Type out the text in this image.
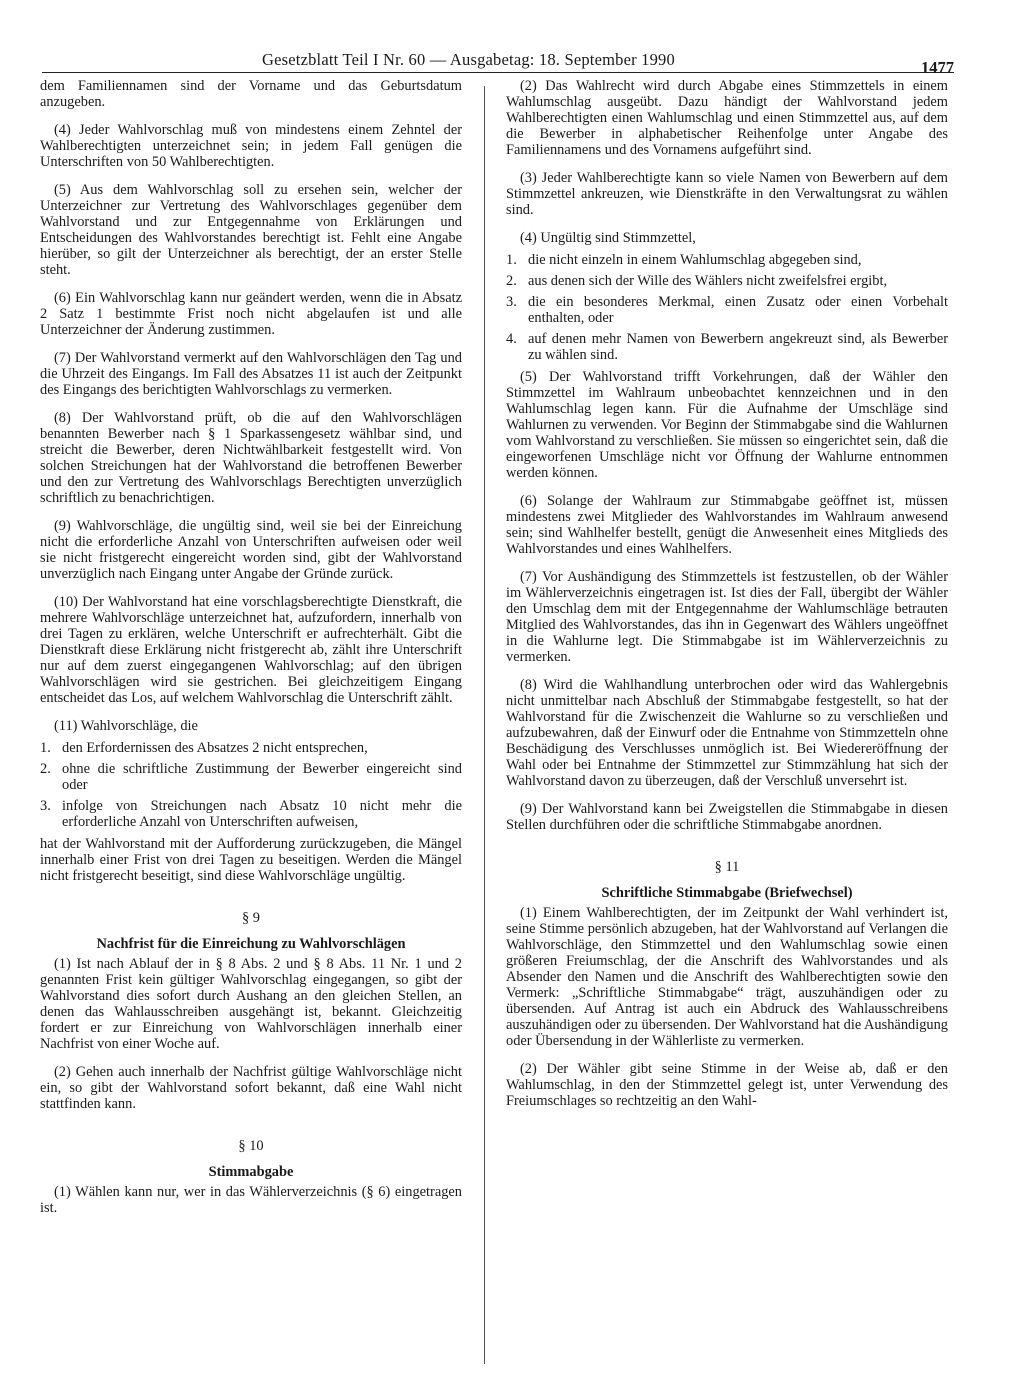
Gesetzblatt Teil I Nr. 60 — Ausgabetag: 18. September 1990	1477

dem Familiennamen sind der Vorname und das Geburtsdatum anzugeben.

(4) Jeder Wahlvorschlag muß von mindestens einem Zehntel der Wahlberechtigten unterzeichnet sein; in jedem Fall genügen die Unterschriften von 50 Wahlberechtigten.

(5) Aus dem Wahlvorschlag soll zu ersehen sein, welcher der Unterzeichner zur Vertretung des Wahlvorschlages gegenüber dem Wahlvorstand und zur Entgegennahme von Erklärungen und Entscheidungen des Wahlvorstandes berechtigt ist. Fehlt eine Angabe hierüber, so gilt der Unterzeichner als berechtigt, der an erster Stelle steht.

(6) Ein Wahlvorschlag kann nur geändert werden, wenn die in Absatz 2 Satz 1 bestimmte Frist noch nicht abgelaufen ist und alle Unterzeichner der Änderung zustimmen.

(7) Der Wahlvorstand vermerkt auf den Wahlvorschlägen den Tag und die Uhrzeit des Eingangs. Im Fall des Absatzes 11 ist auch der Zeitpunkt des Eingangs des berichtigten Wahlvorschlags zu vermerken.

(8) Der Wahlvorstand prüft, ob die auf den Wahlvorschlägen benannten Bewerber nach § 1 Sparkassengesetz wählbar sind, und streicht die Bewerber, deren Nichtwählbarkeit festgestellt wird. Von solchen Streichungen hat der Wahlvorstand die betroffenen Bewerber und den zur Vertretung des Wahlvorschlags Berechtigten unverzüglich schriftlich zu benachrichtigen.

(9) Wahlvorschläge, die ungültig sind, weil sie bei der Einreichung nicht die erforderliche Anzahl von Unterschriften aufweisen oder weil sie nicht fristgerecht eingereicht worden sind, gibt der Wahlvorstand unverzüglich nach Eingang unter Angabe der Gründe zurück.

(10) Der Wahlvorstand hat eine vorschlagsberechtigte Dienstkraft, die mehrere Wahlvorschläge unterzeichnet hat, aufzufordern, innerhalb von drei Tagen zu erklären, welche Unterschrift er aufrechterhält. Gibt die Dienstkraft diese Erklärung nicht fristgerecht ab, zählt ihre Unterschrift nur auf dem zuerst eingegangenen Wahlvorschlag; auf den übrigen Wahlvorschlägen wird sie gestrichen. Bei gleichzeitigem Eingang entscheidet das Los, auf welchem Wahlvorschlag die Unterschrift zählt.

(11) Wahlvorschläge, die

1. den Erfordernissen des Absatzes 2 nicht entsprechen,
2. ohne die schriftliche Zustimmung der Bewerber eingereicht sind oder
3. infolge von Streichungen nach Absatz 10 nicht mehr die erforderliche Anzahl von Unterschriften aufweisen,

hat der Wahlvorstand mit der Aufforderung zurückzugeben, die Mängel innerhalb einer Frist von drei Tagen zu beseitigen. Werden die Mängel nicht fristgerecht beseitigt, sind diese Wahlvorschläge ungültig.

§ 9
Nachfrist für die Einreichung zu Wahlvorschlägen

(1) Ist nach Ablauf der in § 8 Abs. 2 und § 8 Abs. 11 Nr. 1 und 2 genannten Frist kein gültiger Wahlvorschlag eingegangen, so gibt der Wahlvorstand dies sofort durch Aushang an den gleichen Stellen, an denen das Wahlausschreiben ausgehängt ist, bekannt. Gleichzeitig fordert er zur Einreichung von Wahlvorschlägen innerhalb einer Nachfrist von einer Woche auf.

(2) Gehen auch innerhalb der Nachfrist gültige Wahlvorschläge nicht ein, so gibt der Wahlvorstand sofort bekannt, daß eine Wahl nicht stattfinden kann.

§ 10
Stimmabgabe

(1) Wählen kann nur, wer in das Wählerverzeichnis (§ 6) eingetragen ist.

(2) Das Wahlrecht wird durch Abgabe eines Stimmzettels in einem Wahlumschlag ausgeübt. Dazu händigt der Wahlvorstand jedem Wahlberechtigten einen Wahlumschlag und einen Stimmzettel aus, auf dem die Bewerber in alphabetischer Reihenfolge unter Angabe des Familiennamens und des Vornamens aufgeführt sind.

(3) Jeder Wahlberechtigte kann so viele Namen von Bewerbern auf dem Stimmzettel ankreuzen, wie Dienstkräfte in den Verwaltungsrat zu wählen sind.

(4) Ungültig sind Stimmzettel,

1. die nicht einzeln in einem Wahlumschlag abgegeben sind,
2. aus denen sich der Wille des Wählers nicht zweifelsfrei ergibt,
3. die ein besonderes Merkmal, einen Zusatz oder einen Vorbehalt enthalten, oder
4. auf denen mehr Namen von Bewerbern angekreuzt sind, als Bewerber zu wählen sind.

(5) Der Wahlvorstand trifft Vorkehrungen, daß der Wähler den Stimmzettel im Wahlraum unbeobachtet kennzeichnen und in den Wahlumschlag legen kann. Für die Aufnahme der Umschläge sind Wahlurnen zu verwenden. Vor Beginn der Stimmabgabe sind die Wahlurnen vom Wahlvorstand zu verschließen. Sie müssen so eingerichtet sein, daß die eingeworfenen Umschläge nicht vor Öffnung der Wahlurne entnommen werden können.

(6) Solange der Wahlraum zur Stimmabgabe geöffnet ist, müssen mindestens zwei Mitglieder des Wahlvorstandes im Wahlraum anwesend sein; sind Wahlhelfer bestellt, genügt die Anwesenheit eines Mitglieds des Wahlvorstandes und eines Wahlhelfers.

(7) Vor Aushändigung des Stimmzettels ist festzustellen, ob der Wähler im Wählerverzeichnis eingetragen ist. Ist dies der Fall, übergibt der Wähler den Umschlag dem mit der Entgegennahme der Wahlumschläge betrauten Mitglied des Wahlvorstandes, das ihn in Gegenwart des Wählers ungeöffnet in die Wahlurne legt. Die Stimmabgabe ist im Wählerverzeichnis zu vermerken.

(8) Wird die Wahlhandlung unterbrochen oder wird das Wahlergebnis nicht unmittelbar nach Abschluß der Stimmabgabe festgestellt, so hat der Wahlvorstand für die Zwischenzeit die Wahlurne so zu verschließen und aufzubewahren, daß der Einwurf oder die Entnahme von Stimmzetteln ohne Beschädigung des Verschlusses unmöglich ist. Bei Wiedereröffnung der Wahl oder bei Entnahme der Stimmzettel zur Stimmzählung hat sich der Wahlvorstand davon zu überzeugen, daß der Verschluß unversehrt ist.

(9) Der Wahlvorstand kann bei Zweigstellen die Stimmabgabe in diesen Stellen durchführen oder die schriftliche Stimmabgabe anordnen.

§ 11
Schriftliche Stimmabgabe (Briefwechsel)

(1) Einem Wahlberechtigten, der im Zeitpunkt der Wahl verhindert ist, seine Stimme persönlich abzugeben, hat der Wahlvorstand auf Verlangen die Wahlvorschläge, den Stimmzettel und den Wahlumschlag sowie einen größeren Freiumschlag, der die Anschrift des Wahlvorstandes und als Absender den Namen und die Anschrift des Wahlberechtigten sowie den Vermerk: „Schriftliche Stimmabgabe“ trägt, auszuhändigen oder zu übersenden. Auf Antrag ist auch ein Abdruck des Wahlausschreibens auszuhändigen oder zu übersenden. Der Wahlvorstand hat die Aushändigung oder Übersendung in der Wählerliste zu vermerken.

(2) Der Wähler gibt seine Stimme in der Weise ab, daß er den Wahlumschlag, in den der Stimmzettel gelegt ist, unter Verwendung des Freiumschlages so rechtzeitig an den Wahl-
